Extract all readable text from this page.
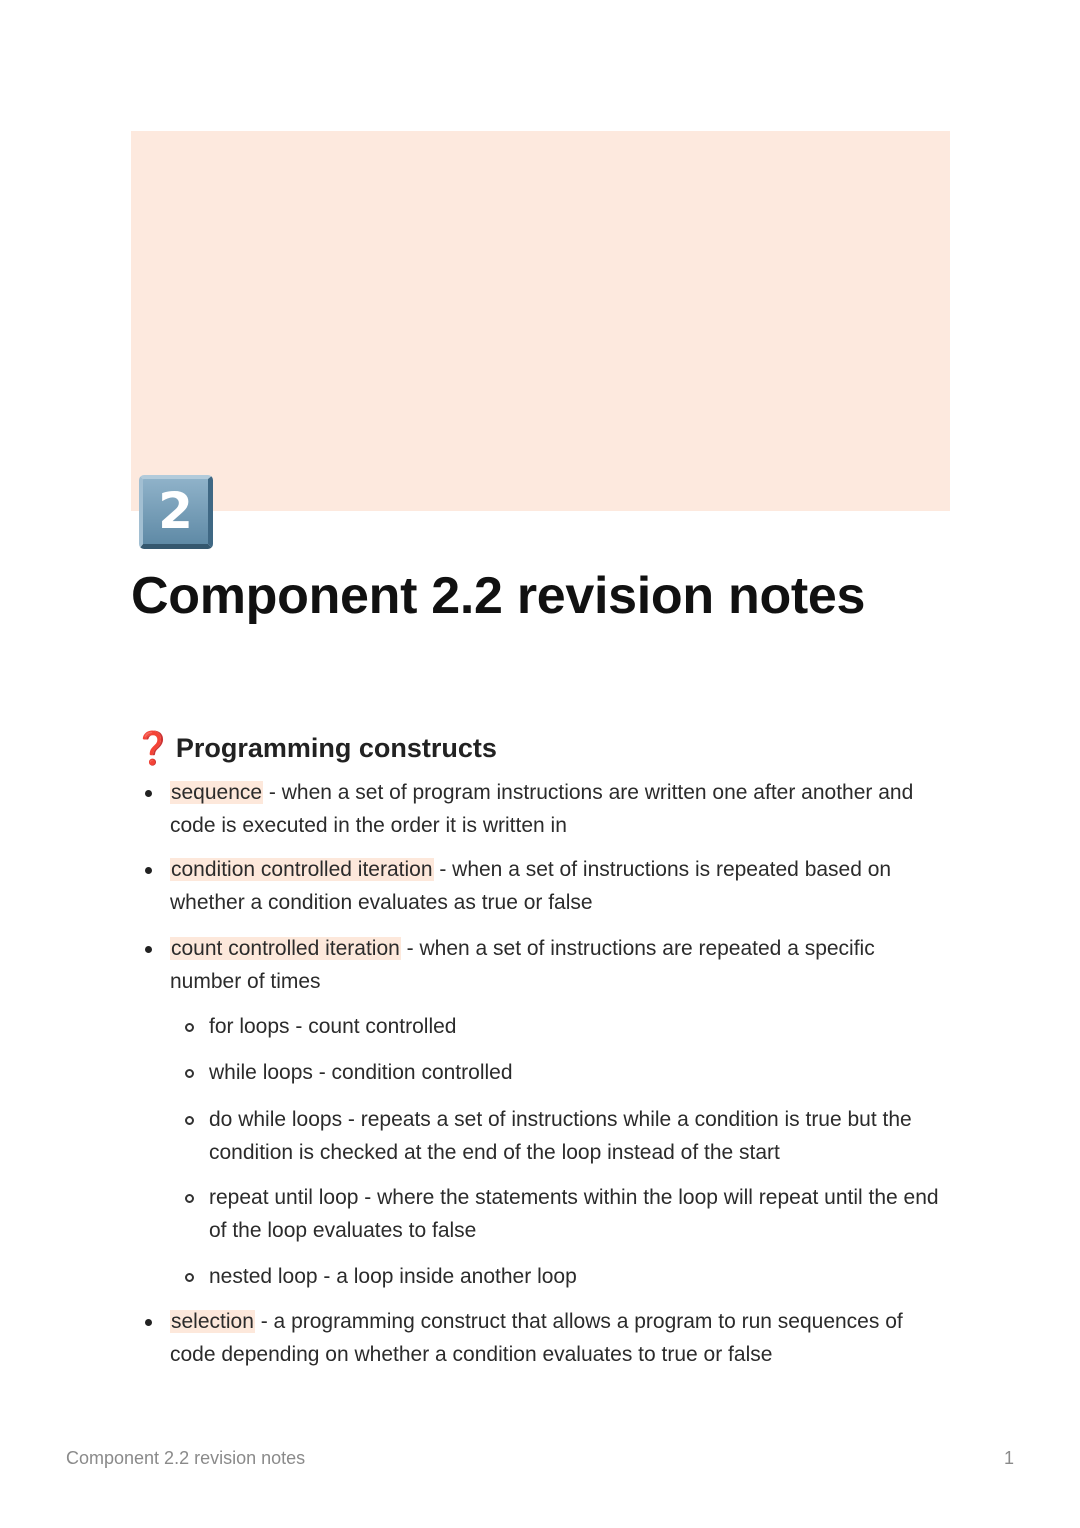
2
Component 2.2 revision notes
❓ Programming constructs
sequence - when a set of program instructions are written one after another and code is executed in the order it is written in
condition controlled iteration - when a set of instructions is repeated based on whether a condition evaluates as true or false
count controlled iteration - when a set of instructions are repeated a specific number of times
for loops - count controlled
while loops - condition controlled
do while loops - repeats a set of instructions while a condition is true but the condition is checked at the end of the loop instead of the start
repeat until loop - where the statements within the loop will repeat until the end of the loop evaluates to false
nested loop - a loop inside another loop
selection - a programming construct that allows a program to run sequences of code depending on whether a condition evaluates to true or false
Component 2.2 revision notes	1
